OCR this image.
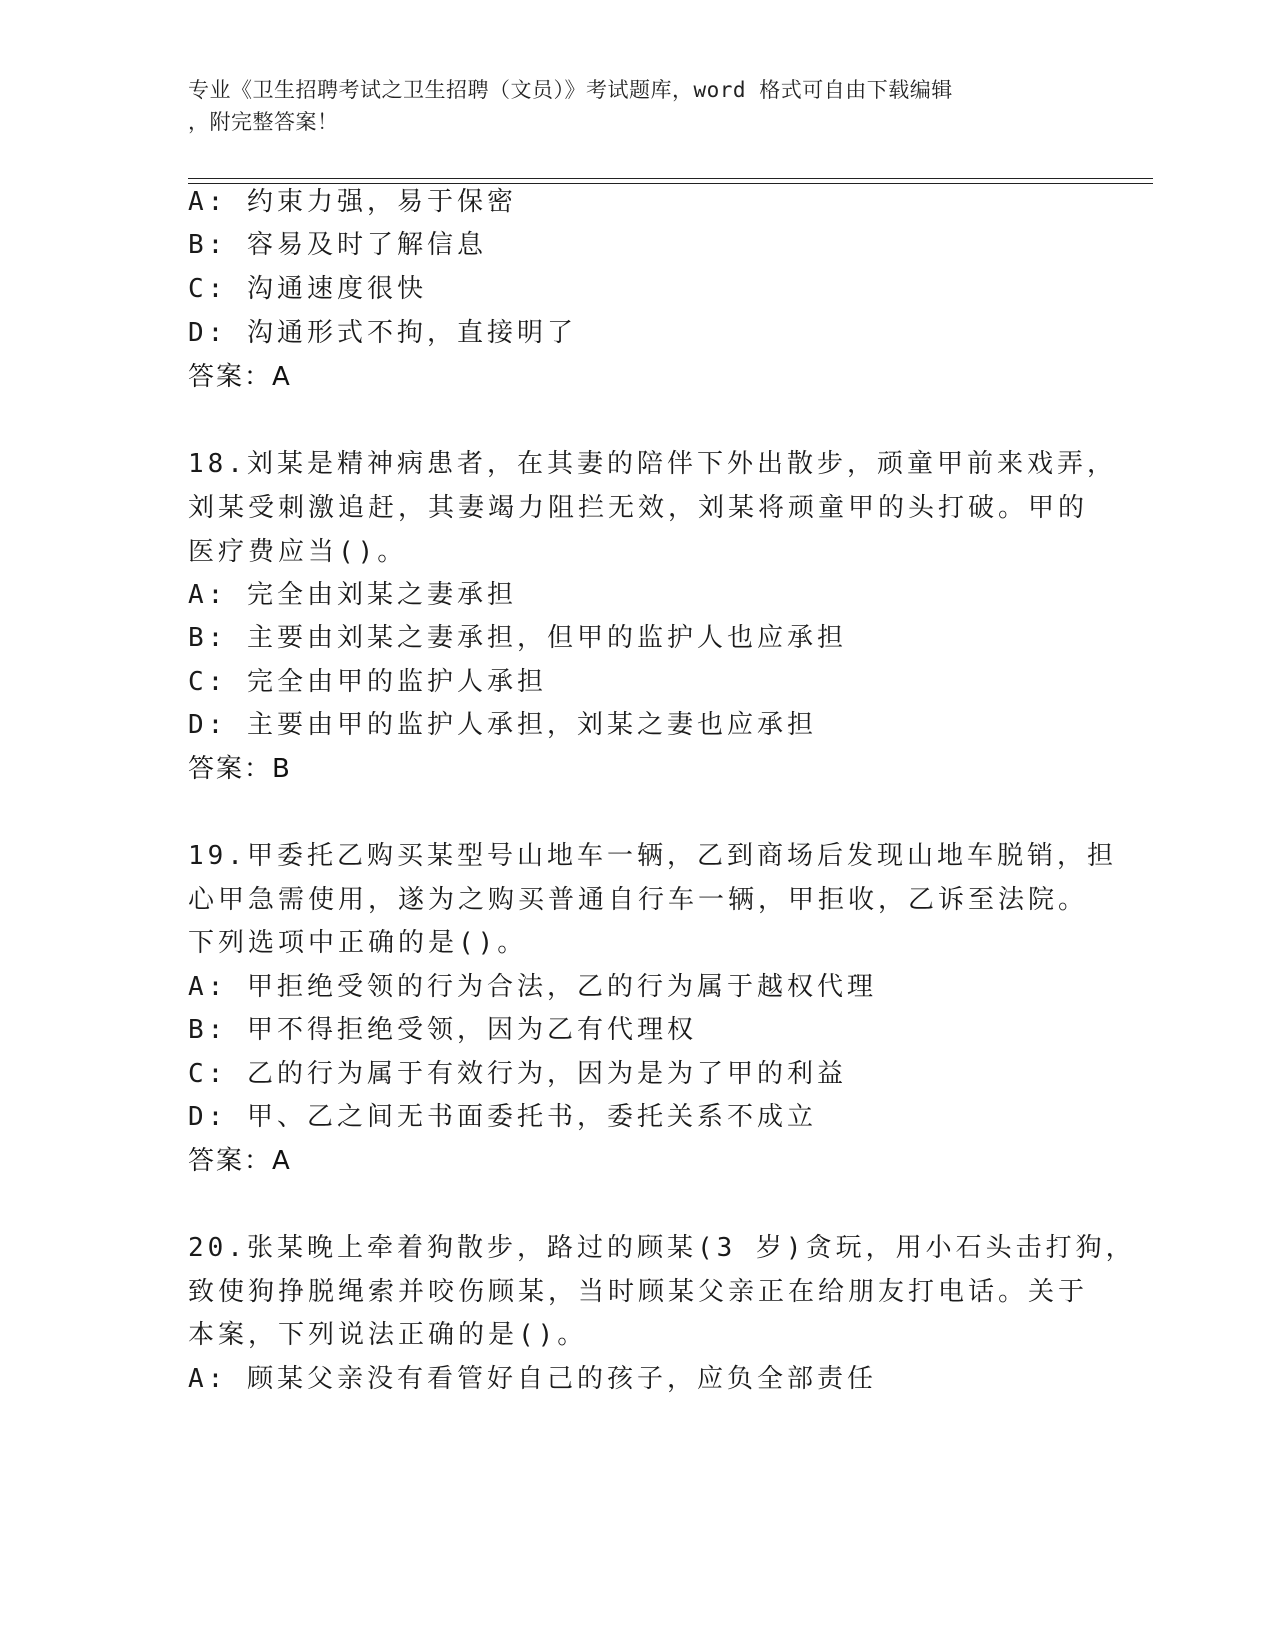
专业《卫生招聘考试之卫生招聘（文员）》考试题库，word 格式可自由下载编辑
，附完整答案！
A: 约束力强，易于保密
B: 容易及时了解信息
C: 沟通速度很快
D: 沟通形式不拘，直接明了
答案：A
18.刘某是精神病患者，在其妻的陪伴下外出散步，顽童甲前来戏弄，
刘某受刺激追赶，其妻竭力阻拦无效，刘某将顽童甲的头打破。甲的
医疗费应当()。
A: 完全由刘某之妻承担
B: 主要由刘某之妻承担，但甲的监护人也应承担
C: 完全由甲的监护人承担
D: 主要由甲的监护人承担，刘某之妻也应承担
答案：B
19.甲委托乙购买某型号山地车一辆，乙到商场后发现山地车脱销，担
心甲急需使用，遂为之购买普通自行车一辆，甲拒收，乙诉至法院。
下列选项中正确的是()。
A: 甲拒绝受领的行为合法，乙的行为属于越权代理
B: 甲不得拒绝受领，因为乙有代理权
C: 乙的行为属于有效行为，因为是为了甲的利益
D: 甲、乙之间无书面委托书，委托关系不成立
答案：A
20.张某晚上牵着狗散步，路过的顾某(3 岁)贪玩，用小石头击打狗，
致使狗挣脱绳索并咬伤顾某，当时顾某父亲正在给朋友打电话。关于
本案，下列说法正确的是()。
A: 顾某父亲没有看管好自己的孩子，应负全部责任
